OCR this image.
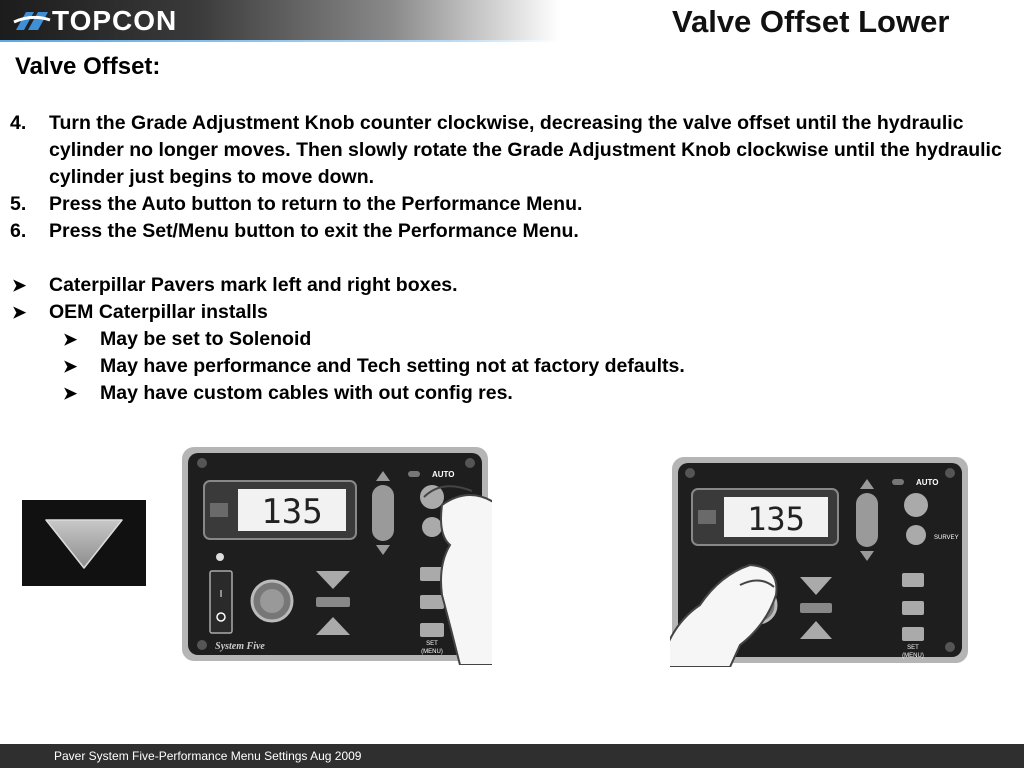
TOPCON	Valve Offset Lower
Valve Offset:
4.	Turn the Grade Adjustment Knob counter clockwise, decreasing the valve offset until the hydraulic cylinder no longer moves. Then slowly rotate the Grade Adjustment Knob clockwise until the hydraulic cylinder just begins to move down.
5.	Press the Auto button to return to the Performance Menu.
6.	Press the Set/Menu button to exit the Performance Menu.
➤	Caterpillar Pavers mark left and right boxes.
➤	OEM Caterpillar installs
➤	May be set to Solenoid
➤	May have performance and Tech setting not at factory defaults.
➤	May have custom cables with out config res.
135
AUTO
I
SET
(MENU)
System Five
135
AUTO
SURVEY
SET
(MENU)
Paver System Five-Performance Menu Settings Aug 2009
